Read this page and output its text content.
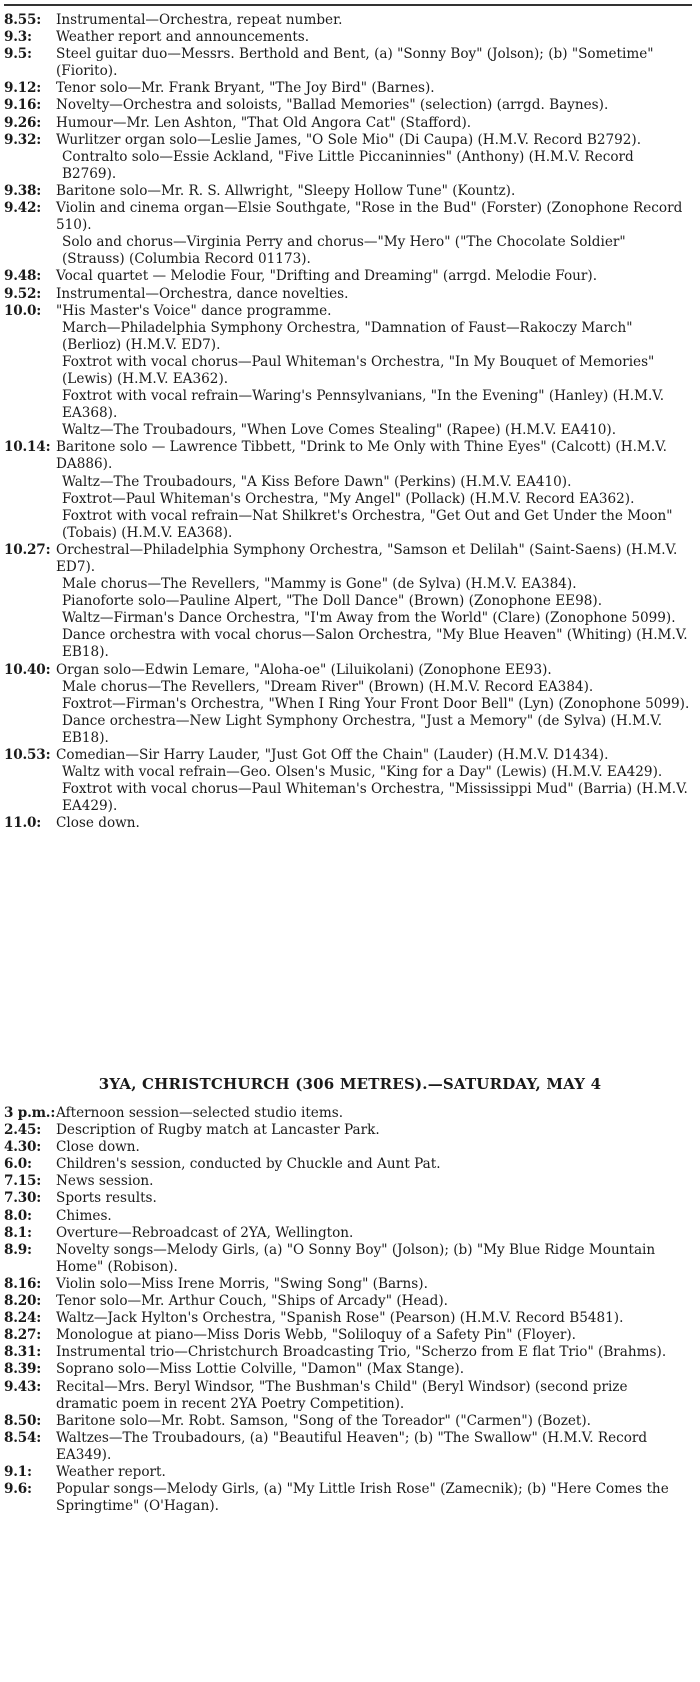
8.55: Instrumental—Orchestra, repeat number.
9.3: Weather report and announcements.
9.5: Steel guitar duo—Messrs. Berthold and Bent, (a) "Sonny Boy" (Jolson); (b) "Sometime" (Fiorito).
9.12: Tenor solo—Mr. Frank Bryant, "The Joy Bird" (Barnes).
9.16: Novelty—Orchestra and soloists, "Ballad Memories" (selection) (arrgd. Baynes).
9.26: Humour—Mr. Len Ashton, "That Old Angora Cat" (Stafford).
9.32: Wurlitzer organ solo—Leslie James, "O Sole Mio" (Di Caupa) (H.M.V. Record B2792).
Contralto solo—Essie Ackland, "Five Little Piccaninnies" (Anthony) (H.M.V. Record B2769).
9.38: Baritone solo—Mr. R. S. Allwright, "Sleepy Hollow Tune" (Kountz).
9.42: Violin and cinema organ—Elsie Southgate, "Rose in the Bud" (Forster) (Zonophone Record 510).
Solo and chorus—Virginia Perry and chorus—"My Hero" ("The Chocolate Soldier" (Strauss) (Columbia Record 01173).
9.48: Vocal quartet — Melodie Four, "Drifting and Dreaming" (arrgd. Melodie Four).
9.52: Instrumental—Orchestra, dance novelties.
10.0: "His Master's Voice" dance programme.
March—Philadelphia Symphony Orchestra, "Damnation of Faust—Rakoczy March" (Berlioz) (H.M.V. ED7).
Foxtrot with vocal chorus—Paul Whiteman's Orchestra, "In My Bouquet of Memories" (Lewis) (H.M.V. EA362).
Foxtrot with vocal refrain—Waring's Pennsylvanians, "In the Evening" (Hanley) (H.M.V. EA368).
Waltz—The Troubadours, "When Love Comes Stealing" (Rapee) (H.M.V. EA410).
10.14: Baritone solo — Lawrence Tibbett, "Drink to Me Only with Thine Eyes" (Calcott) (H.M.V. DA886).
Waltz—The Troubadours, "A Kiss Before Dawn" (Perkins) (H.M.V. EA410).
Foxtrot—Paul Whiteman's Orchestra, "My Angel" (Pollack) (H.M.V. Record EA362).
Foxtrot with vocal refrain—Nat Shilkret's Orchestra, "Get Out and Get Under the Moon" (Tobais) (H.M.V. EA368).
10.27: Orchestral—Philadelphia Symphony Orchestra, "Samson et Delilah" (Saint-Saens) (H.M.V. ED7).
Male chorus—The Revellers, "Mammy is Gone" (de Sylva) (H.M.V. EA384).
Pianoforte solo—Pauline Alpert, "The Doll Dance" (Brown) (Zonophone EE98).
Waltz—Firman's Dance Orchestra, "I'm Away from the World" (Clare) (Zonophone 5099).
Dance orchestra with vocal chorus—Salon Orchestra, "My Blue Heaven" (Whiting) (H.M.V. EB18).
10.40: Organ solo—Edwin Lemare, "Aloha-oe" (Liluikolani) (Zonophone EE93).
Male chorus—The Revellers, "Dream River" (Brown) (H.M.V. Record EA384).
Foxtrot—Firman's Orchestra, "When I Ring Your Front Door Bell" (Lyn) (Zonophone 5099).
Dance orchestra—New Light Symphony Orchestra, "Just a Memory" (de Sylva) (H.M.V. EB18).
10.53: Comedian—Sir Harry Lauder, "Just Got Off the Chain" (Lauder) (H.M.V. D1434).
Waltz with vocal refrain—Geo. Olsen's Music, "King for a Day" (Lewis) (H.M.V. EA429).
Foxtrot with vocal chorus—Paul Whiteman's Orchestra, "Mississippi Mud" (Barria) (H.M.V. EA429).
11.0: Close down.
3YA, CHRISTCHURCH (306 METRES).—SATURDAY, MAY 4
3 p.m.: Afternoon session—selected studio items.
2.45: Description of Rugby match at Lancaster Park.
4.30: Close down.
6.0: Children's session, conducted by Chuckle and Aunt Pat.
7.15: News session.
7.30: Sports results.
8.0: Chimes.
8.1: Overture—Rebroadcast of 2YA, Wellington.
8.9: Novelty songs—Melody Girls, (a) "O Sonny Boy" (Jolson); (b) "My Blue Ridge Mountain Home" (Robison).
8.16: Violin solo—Miss Irene Morris, "Swing Song" (Barns).
8.20: Tenor solo—Mr. Arthur Couch, "Ships of Arcady" (Head).
8.24: Waltz—Jack Hylton's Orchestra, "Spanish Rose" (Pearson) (H.M.V. Record B5481).
8.27: Monologue at piano—Miss Doris Webb, "Soliloquy of a Safety Pin" (Floyer).
8.31: Instrumental trio—Christchurch Broadcasting Trio, "Scherzo from E flat Trio" (Brahms).
8.39: Soprano solo—Miss Lottie Colville, "Damon" (Max Stange).
9.43: Recital—Mrs. Beryl Windsor, "The Bushman's Child" (Beryl Windsor) (second prize dramatic poem in recent 2YA Poetry Competition).
8.50: Baritone solo—Mr. Robt. Samson, "Song of the Toreador" ("Carmen") (Bozet).
8.54: Waltzes—The Troubadours, (a) "Beautiful Heaven"; (b) "The Swallow" (H.M.V. Record EA349).
9.1: Weather report.
9.6: Popular songs—Melody Girls, (a) "My Little Irish Rose" (Zamecnik); (b) "Here Comes the Springtime" (O'Hagan).
